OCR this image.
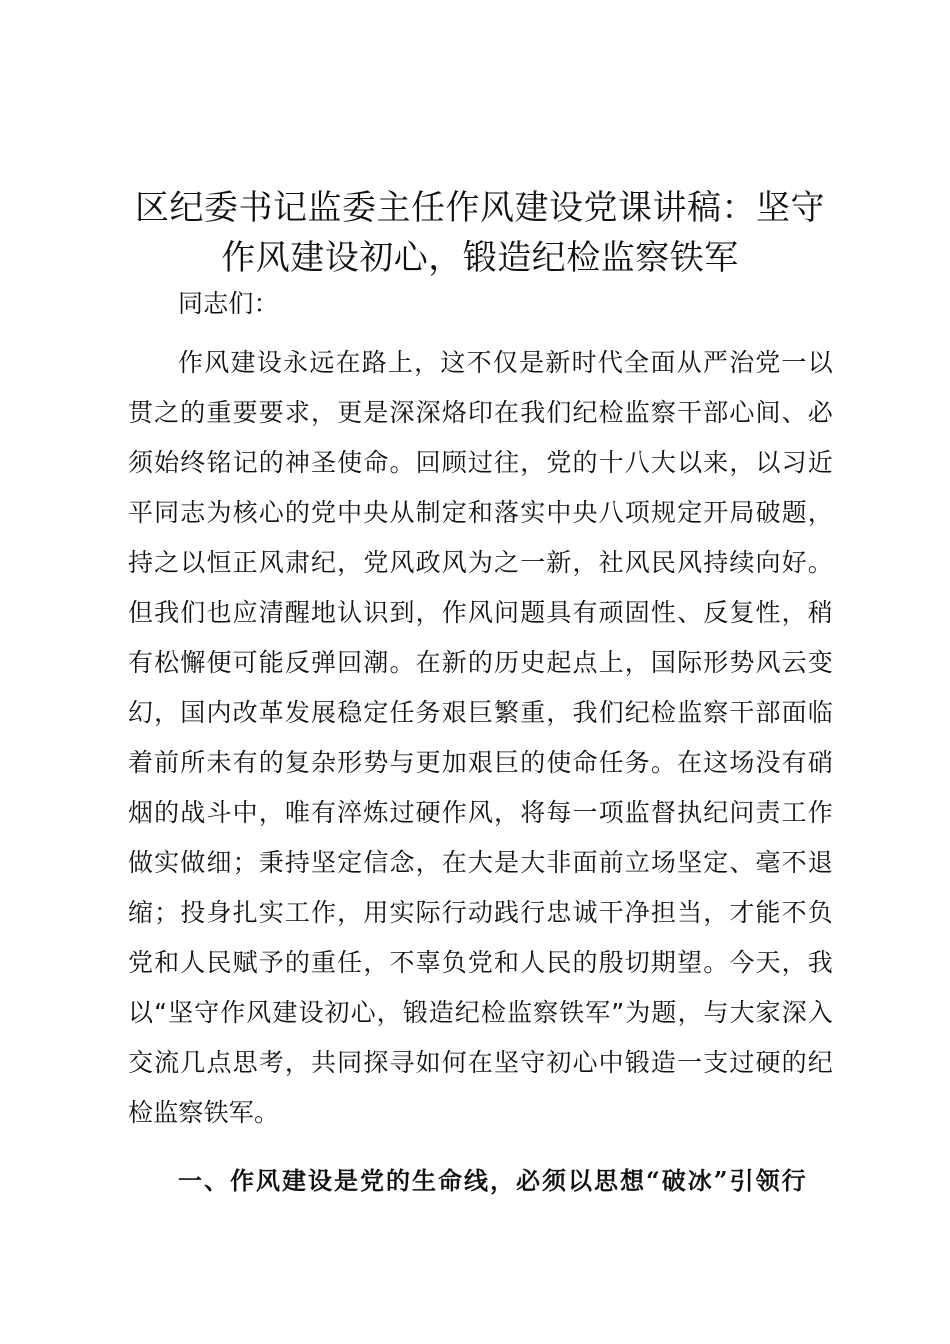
区纪委书记监委主任作风建设党课讲稿：坚守
作风建设初心，锻造纪检监察铁军

同志们：

作风建设永远在路上，这不仅是新时代全面从严治党一以贯之的重要要求，更是深深烙印在我们纪检监察干部心间、必须始终铭记的神圣使命。回顾过往，党的十八大以来，以习近平同志为核心的党中央从制定和落实中央八项规定开局破题，持之以恒正风肃纪，党风政风为之一新，社风民风持续向好。但我们也应清醒地认识到，作风问题具有顽固性、反复性，稍有松懈便可能反弹回潮。在新的历史起点上，国际形势风云变幻，国内改革发展稳定任务艰巨繁重，我们纪检监察干部面临着前所未有的复杂形势与更加艰巨的使命任务。在这场没有硝烟的战斗中，唯有淬炼过硬作风，将每一项监督执纪问责工作做实做细；秉持坚定信念，在大是大非面前立场坚定、毫不退缩；投身扎实工作，用实际行动践行忠诚干净担当，才能不负党和人民赋予的重任，不辜负党和人民的殷切期望。今天，我以“坚守作风建设初心，锻造纪检监察铁军”为题，与大家深入交流几点思考，共同探寻如何在坚守初心中锻造一支过硬的纪检监察铁军。

一、作风建设是党的生命线，必须以思想“破冰”引领行
